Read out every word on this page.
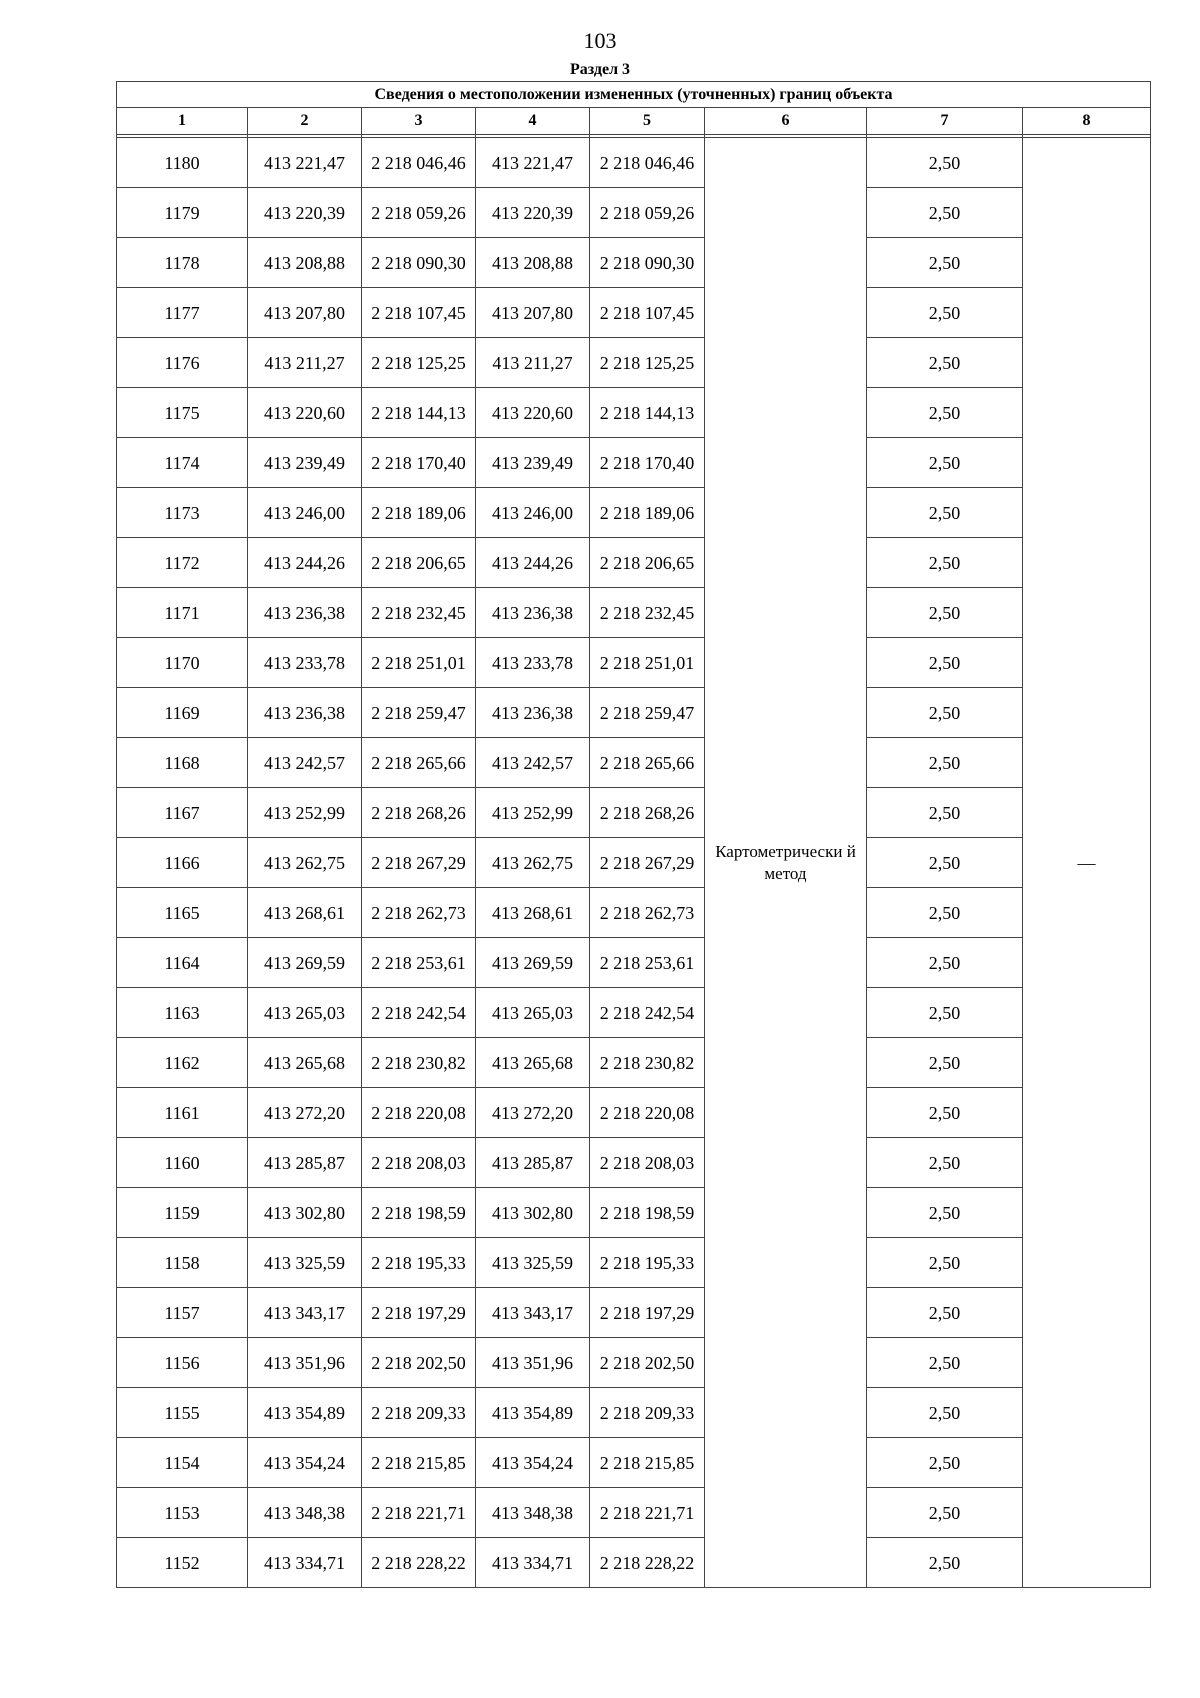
103
Раздел 3
Сведения о местоположении измененных (уточненных) границ объекта							
1	2	3	4	5	6	7	8

1180	413 221,47	2 218 046,46	413 221,47	2 218 046,46	Картометрически й метод	2,50	—
1179	413 220,39	2 218 059,26	413 220,39	2 218 059,26		2,50	
1178	413 208,88	2 218 090,30	413 208,88	2 218 090,30		2,50	
1177	413 207,80	2 218 107,45	413 207,80	2 218 107,45		2,50	
1176	413 211,27	2 218 125,25	413 211,27	2 218 125,25		2,50	
1175	413 220,60	2 218 144,13	413 220,60	2 218 144,13		2,50	
1174	413 239,49	2 218 170,40	413 239,49	2 218 170,40		2,50	
1173	413 246,00	2 218 189,06	413 246,00	2 218 189,06		2,50	
1172	413 244,26	2 218 206,65	413 244,26	2 218 206,65		2,50	
1171	413 236,38	2 218 232,45	413 236,38	2 218 232,45		2,50	
1170	413 233,78	2 218 251,01	413 233,78	2 218 251,01		2,50	
1169	413 236,38	2 218 259,47	413 236,38	2 218 259,47		2,50	
1168	413 242,57	2 218 265,66	413 242,57	2 218 265,66		2,50	
1167	413 252,99	2 218 268,26	413 252,99	2 218 268,26		2,50	
1166	413 262,75	2 218 267,29	413 262,75	2 218 267,29		2,50	
1165	413 268,61	2 218 262,73	413 268,61	2 218 262,73		2,50	
1164	413 269,59	2 218 253,61	413 269,59	2 218 253,61		2,50	
1163	413 265,03	2 218 242,54	413 265,03	2 218 242,54		2,50	
1162	413 265,68	2 218 230,82	413 265,68	2 218 230,82		2,50	
1161	413 272,20	2 218 220,08	413 272,20	2 218 220,08		2,50	
1160	413 285,87	2 218 208,03	413 285,87	2 218 208,03		2,50	
1159	413 302,80	2 218 198,59	413 302,80	2 218 198,59		2,50	
1158	413 325,59	2 218 195,33	413 325,59	2 218 195,33		2,50	
1157	413 343,17	2 218 197,29	413 343,17	2 218 197,29		2,50	
1156	413 351,96	2 218 202,50	413 351,96	2 218 202,50		2,50	
1155	413 354,89	2 218 209,33	413 354,89	2 218 209,33		2,50	
1154	413 354,24	2 218 215,85	413 354,24	2 218 215,85		2,50	
1153	413 348,38	2 218 221,71	413 348,38	2 218 221,71		2,50	
1152	413 334,71	2 218 228,22	413 334,71	2 218 228,22		2,50	
